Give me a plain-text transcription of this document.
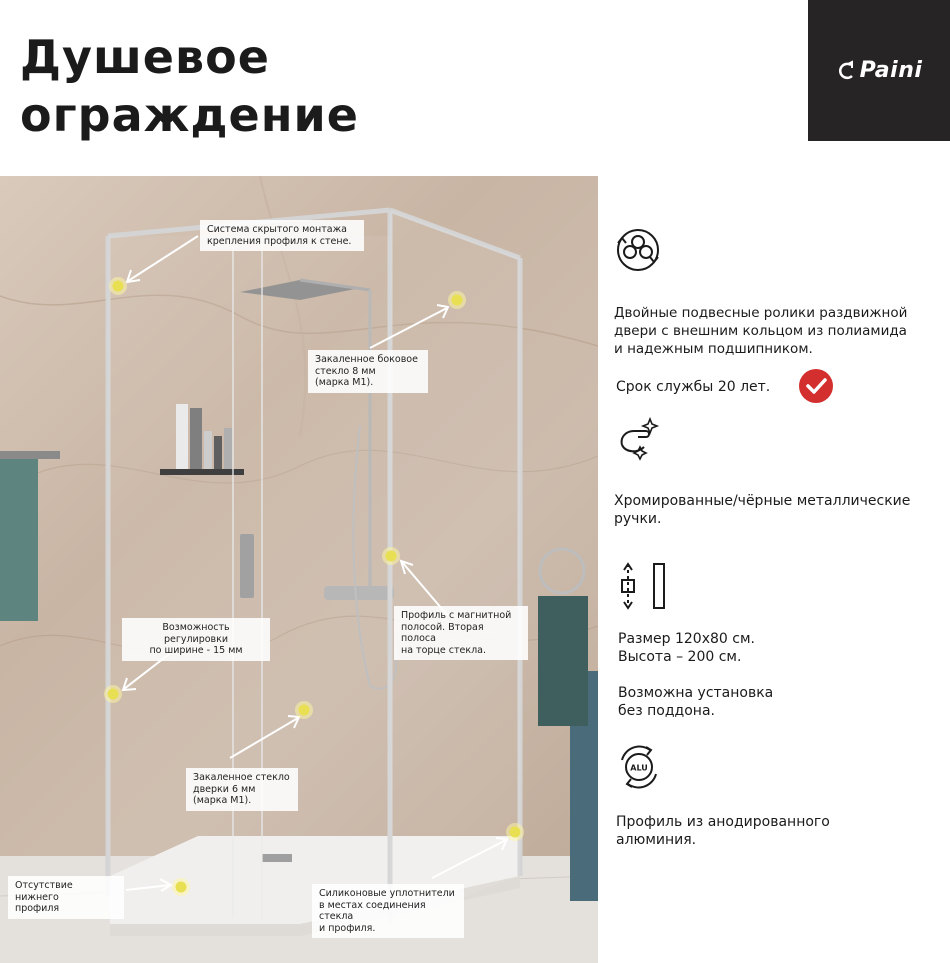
Душевое
ограждение
Paini
Система скрытого монтажа
крепления профиля к стене.
Закаленное боковое
стекло 8 мм
(марка М1).
Профиль с магнитной
полосой. Вторая полоса
на торце стекла.
Возможность регулировки
по ширине - 15 мм
Закаленное стекло
дверки 6 мм
(марка М1).
Отсутствие нижнего
профиля
Силиконовые уплотнители
в местах соединения стекла
и профиля.

Двойные подвесные ролики раздвижной
двери с внешним кольцом из полиамида
и надежным подшипником.

Срок службы 20 лет.

Хромированные/чёрные металлические
ручки.

Размер 120х80 см.
Высота – 200 см.

Возможна установка
без поддона.

ALU

Профиль из анодированного
алюминия.
